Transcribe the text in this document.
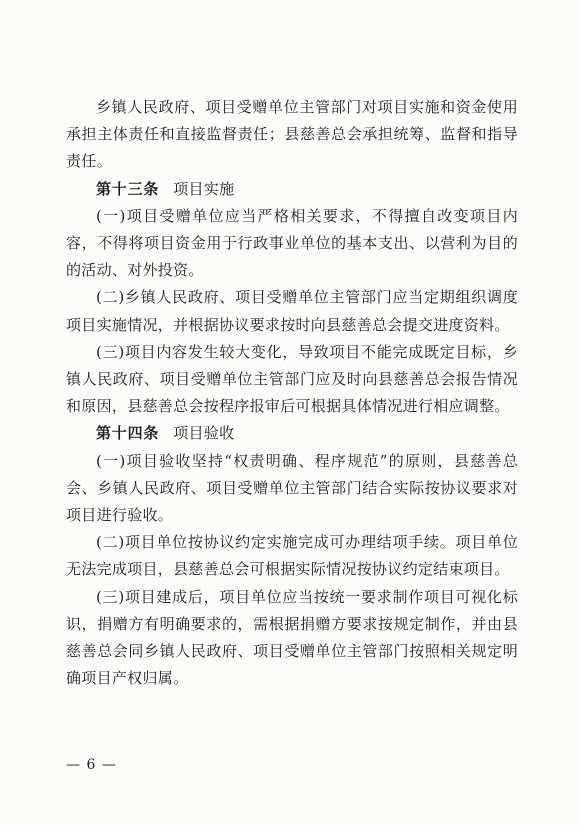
乡镇人民政府、项目受赠单位主管部门对项目实施和资金使用承担主体责任和直接监督责任；县慈善总会承担统筹、监督和指导责任。

第十三条 项目实施

(一)项目受赠单位应当严格相关要求，不得擅自改变项目内容，不得将项目资金用于行政事业单位的基本支出、以营利为目的的活动、对外投资。

(二)乡镇人民政府、项目受赠单位主管部门应当定期组织调度项目实施情况，并根据协议要求按时向县慈善总会提交进度资料。

(三)项目内容发生较大变化，导致项目不能完成既定目标，乡镇人民政府、项目受赠单位主管部门应及时向县慈善总会报告情况和原因，县慈善总会按程序报审后可根据具体情况进行相应调整。

第十四条 项目验收

(一)项目验收坚持“权责明确、程序规范”的原则，县慈善总会、乡镇人民政府、项目受赠单位主管部门结合实际按协议要求对项目进行验收。

(二)项目单位按协议约定实施完成可办理结项手续。项目单位无法完成项目，县慈善总会可根据实际情况按协议约定结束项目。

(三)项目建成后，项目单位应当按统一要求制作项目可视化标识，捐赠方有明确要求的，需根据捐赠方要求按规定制作，并由县慈善总会同乡镇人民政府、项目受赠单位主管部门按照相关规定明确项目产权归属。

— 6 —
